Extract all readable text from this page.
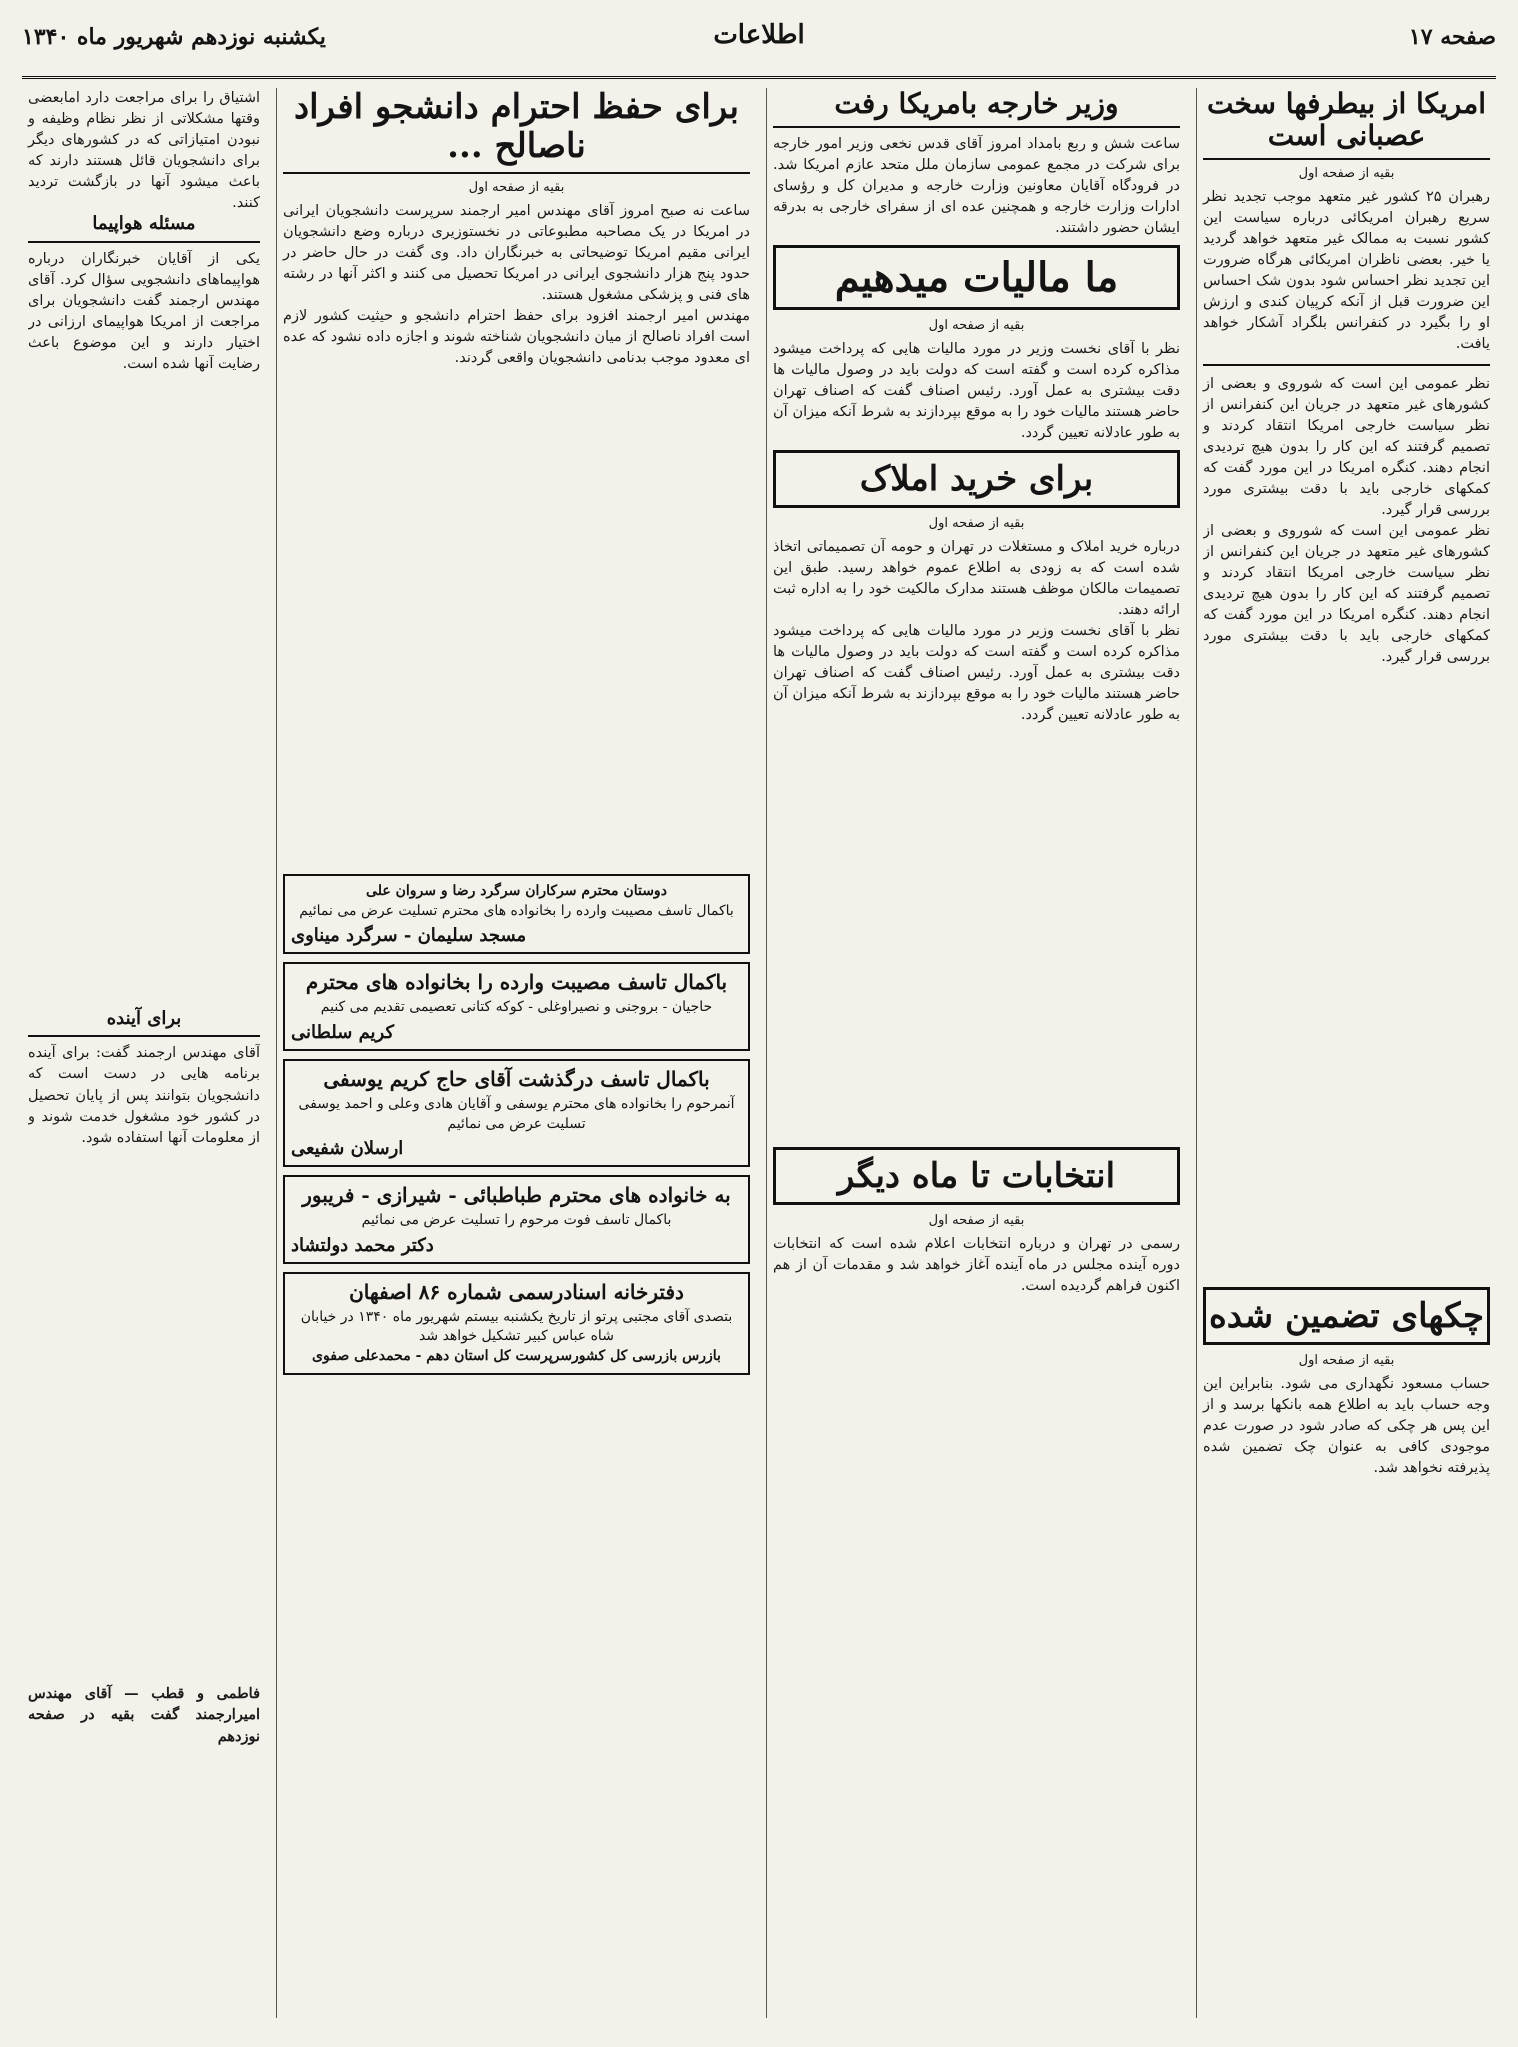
صفحه ۱۷
اطلاعات
یکشنبه نوزدهم شهریور ماه ۱۳۴۰
امریکا از بیطرفها سخت عصبانی است
بقیه از صفحه اول
رهبران ۲۵ کشور غیر متعهد موجب تجدید نظر سریع رهبران امریکائی درباره سیاست این کشور نسبت به ممالک غیر متعهد خواهد گردید یا خیر. بعضی ناظران امریکائی هرگاه ضرورت این تجدید نظر احساس شود بدون شک احساس این ضرورت قبل از آنکه کرپیان کندی و ارزش او را بگیرد در کنفرانس بلگراد آشکار خواهد یافت.
نظر عمومی این است که شوروی و بعضی از کشورهای غیر متعهد در جریان این کنفرانس از نظر سیاست خارجی امریکا انتقاد کردند و تصمیم گرفتند که این کار را بدون هیچ تردیدی انجام دهند. کنگره امریکا در این مورد گفت که کمکهای خارجی باید با دقت بیشتری مورد بررسی قرار گیرد.
نظر عمومی این است که شوروی و بعضی از کشورهای غیر متعهد در جریان این کنفرانس از نظر سیاست خارجی امریکا انتقاد کردند و تصمیم گرفتند که این کار را بدون هیچ تردیدی انجام دهند. کنگره امریکا در این مورد گفت که کمکهای خارجی باید با دقت بیشتری مورد بررسی قرار گیرد.
چکهای تضمین شده
بقیه از صفحه اول
حساب مسعود نگهداری می شود. بنابراین این وجه حساب باید به اطلاع همه بانکها برسد و از این پس هر چکی که صادر شود در صورت عدم موجودی کافی به عنوان چک تضمین شده پذیرفته نخواهد شد.
وزیر خارجه بامریکا رفت
ساعت شش و ربع بامداد امروز آقای قدس نخعی وزیر امور خارجه برای شرکت در مجمع عمومی سازمان ملل متحد عازم امریکا شد. در فرودگاه آقایان معاونین وزارت خارجه و مدیران کل و رؤسای ادارات وزارت خارجه و همچنین عده ای از سفرای خارجی به بدرقه ایشان حضور داشتند.
ما مالیات میدهیم
بقیه از صفحه اول
نظر با آقای نخست وزیر در مورد مالیات هایی که پرداخت میشود مذاکره کرده است و گفته است که دولت باید در وصول مالیات ها دقت بیشتری به عمل آورد. رئیس اصناف گفت که اصناف تهران حاضر هستند مالیات خود را به موقع بپردازند به شرط آنکه میزان آن به طور عادلانه تعیین گردد.
برای خرید املاک
بقیه از صفحه اول
درباره خرید املاک و مستغلات در تهران و حومه آن تصمیماتی اتخاذ شده است که به زودی به اطلاع عموم خواهد رسید. طبق این تصمیمات مالکان موظف هستند مدارک مالکیت خود را به اداره ثبت ارائه دهند.
نظر با آقای نخست وزیر در مورد مالیات هایی که پرداخت میشود مذاکره کرده است و گفته است که دولت باید در وصول مالیات ها دقت بیشتری به عمل آورد. رئیس اصناف گفت که اصناف تهران حاضر هستند مالیات خود را به موقع بپردازند به شرط آنکه میزان آن به طور عادلانه تعیین گردد.
انتخابات تا ماه دیگر
بقیه از صفحه اول
رسمی در تهران و درباره انتخابات اعلام شده است که انتخابات دوره آینده مجلس در ماه آینده آغاز خواهد شد و مقدمات آن از هم اکنون فراهم گردیده است.
برای حفظ احترام دانشجو افراد ناصالح ...
بقیه از صفحه اول
ساعت نه صبح امروز آقای مهندس امیر ارجمند سرپرست دانشجویان ایرانی در امریکا در یک مصاحبه مطبوعاتی در نخستوزیری درباره وضع دانشجویان ایرانی مقیم امریکا توضیحاتی به خبرنگاران داد. وی گفت در حال حاضر در حدود پنج هزار دانشجوی ایرانی در امریکا تحصیل می کنند و اکثر آنها در رشته های فنی و پزشکی مشغول هستند.
مهندس امیر ارجمند افزود برای حفظ احترام دانشجو و حیثیت کشور لازم است افراد ناصالح از میان دانشجویان شناخته شوند و اجازه داده نشود که عده ای معدود موجب بدنامی دانشجویان واقعی گردند.
دوستان محترم سرکاران سرگرد رضا و سروان علی
باکمال تاسف مصیبت وارده را بخانواده های محترم تسلیت عرض می نمائیم
مسجد سلیمان - سرگرد میناوی
باکمال تاسف مصیبت وارده را بخانواده های محترم
حاجیان - بروجنی و نصیراوغلی - کوکه کتانی تعصیمی تقدیم می کنیم
کریم سلطانی
باکمال تاسف درگذشت آقای حاج کریم یوسفی
آنمرحوم را بخانواده های محترم یوسفی و آقایان هادی وعلی و احمد یوسفی تسلیت عرض می نمائیم
ارسلان شفیعی
به خانواده های محترم طباطبائی - شیرازی - فریبور
باکمال تاسف فوت مرحوم را تسلیت عرض می نمائیم
دکتر محمد دولتشاد
دفترخانه اسنادرسمی شماره ۸۶ اصفهان
بتصدی آقای مجتبی پرتو از تاریخ یکشنبه بیستم شهریور ماه ۱۳۴۰ در خیابان شاه عباس کبیر تشکیل خواهد شد
بازرس بازرسی کل کشورسرپرست کل استان دهم - محمدعلی صفوی
اشتیاق را برای مراجعت دارد امابعضی وقتها مشکلاتی از نظر نظام وظیفه و نبودن امتیازاتی که در کشورهای دیگر برای دانشجویان قائل هستند دارند که باعث میشود آنها در بازگشت تردید کنند.
مسئله هواپیما
یکی از آقایان خبرنگاران درباره هواپیماهای دانشجویی سؤال کرد. آقای مهندس ارجمند گفت دانشجویان برای مراجعت از امریکا هواپیمای ارزانی در اختیار دارند و این موضوع باعث رضایت آنها شده است.
برای آینده
آقای مهندس ارجمند گفت: برای آینده برنامه هایی در دست است که دانشجویان بتوانند پس از پایان تحصیل در کشور خود مشغول خدمت شوند و از معلومات آنها استفاده شود.
فاطمی و قطب — آقای مهندس امیرارجمند گفت بقیه در صفحه نوزدهم
